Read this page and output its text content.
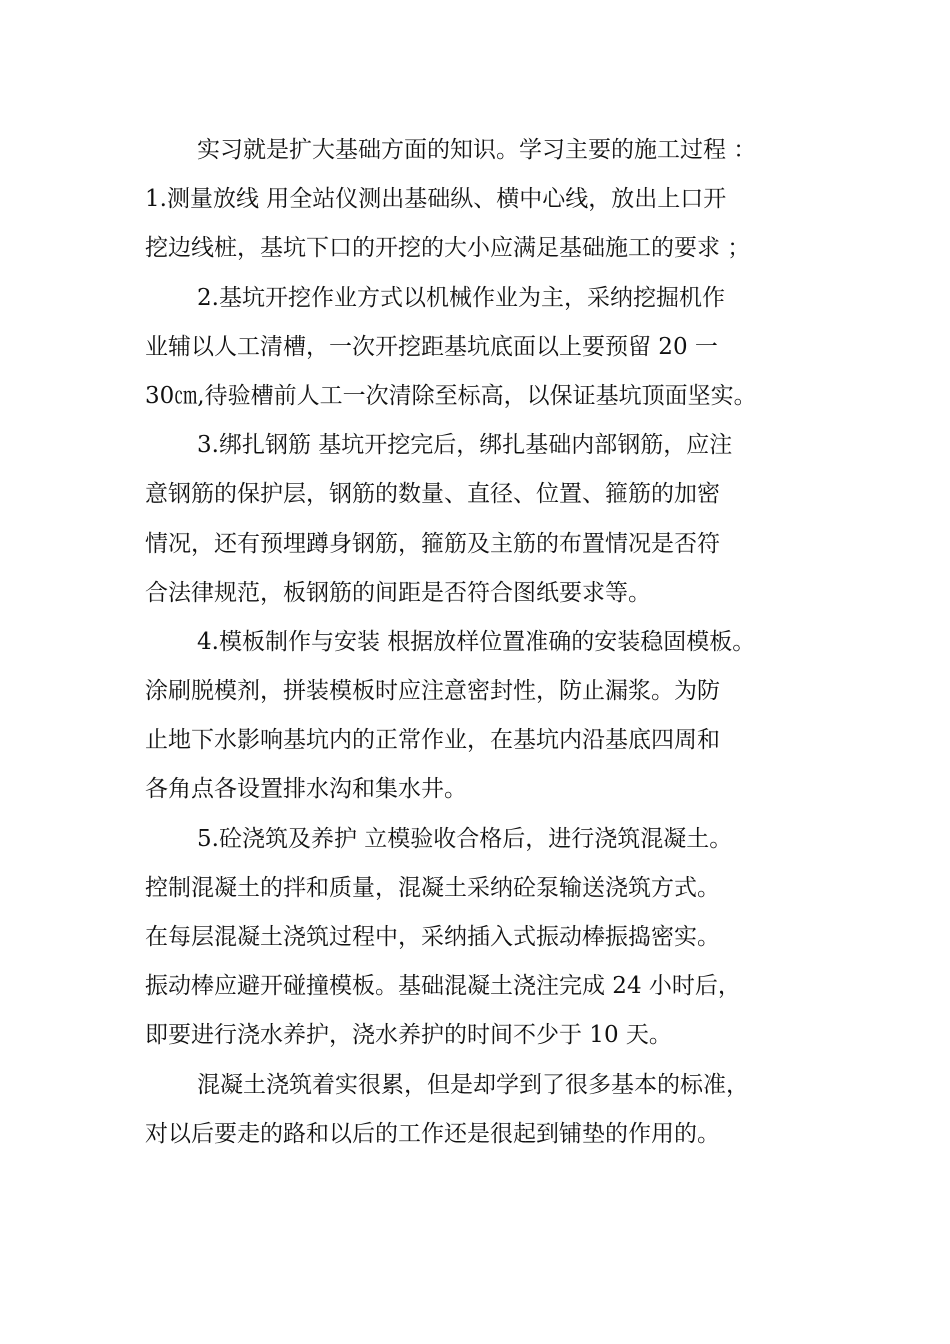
实习就是扩大基础方面的知识。学习主要的施工过程 ：
1.测量放线 用全站仪测出基础纵、横中心线，放出上口开
挖边线桩，基坑下口的开挖的大小应满足基础施工的要求 ；
2.基坑开挖作业方式以机械作业为主，采纳挖掘机作
业辅以人工清槽，一次开挖距基坑底面以上要预留 20 一
30㎝,待验槽前人工一次清除至标高，以保证基坑顶面坚实。
3.绑扎钢筋 基坑开挖完后，绑扎基础内部钢筋，应注
意钢筋的保护层，钢筋的数量、直径、位置、箍筋的加密
情况，还有预埋蹲身钢筋，箍筋及主筋的布置情况是否符
合法律规范，板钢筋的间距是否符合图纸要求等。
4.模板制作与安装 根据放样位置准确的安装稳固模板。
涂刷脱模剂，拼装模板时应注意密封性，防止漏浆。为防
止地下水影响基坑内的正常作业，在基坑内沿基底四周和
各角点各设置排水沟和集水井。
5.砼浇筑及养护 立模验收合格后，进行浇筑混凝土。
控制混凝土的拌和质量，混凝土采纳砼泵输送浇筑方式。
在每层混凝土浇筑过程中，采纳插入式振动棒振捣密实。
振动棒应避开碰撞模板。基础混凝土浇注完成 24 小时后，
即要进行浇水养护，浇水养护的时间不少于 10 天。
混凝土浇筑着实很累，但是却学到了很多基本的标准，
对以后要走的路和以后的工作还是很起到铺垫的作用的。
